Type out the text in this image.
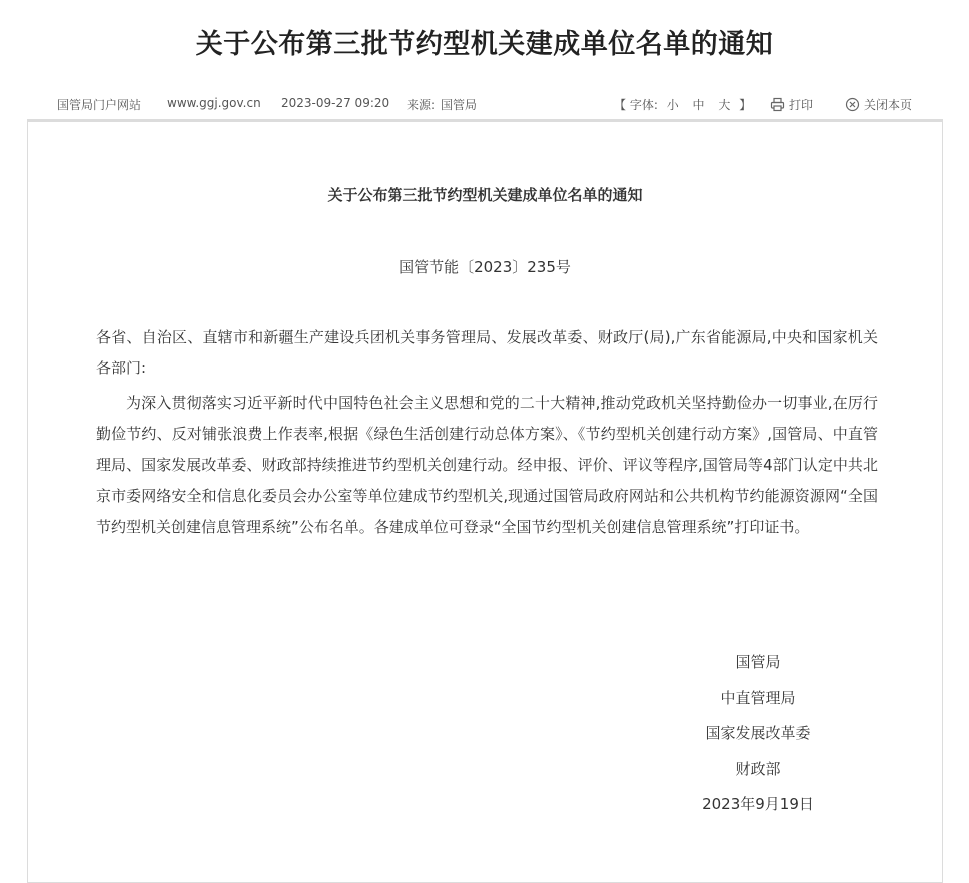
关于公布第三批节约型机关建成单位名单的通知
国管局门户网站 www.ggj.gov.cn 2023-09-27 09:20 来源: 国管局	【 字体: 小 中 大 】	打印	关闭本页
关于公布第三批节约型机关建成单位名单的通知
国管节能〔2023〕235号

各省、自治区、直辖市和新疆生产建设兵团机关事务管理局、发展改革委、财政厅(局),广东省能源局,中央和国家机关各部门:

为深入贯彻落实习近平新时代中国特色社会主义思想和党的二十大精神,推动党政机关坚持勤俭办一切事业,在厉行勤俭节约、反对铺张浪费上作表率,根据《绿色生活创建行动总体方案》、《节约型机关创建行动方案》,国管局、中直管理局、国家发展改革委、财政部持续推进节约型机关创建行动。经申报、评价、评议等程序,国管局等4部门认定中共北京市委网络安全和信息化委员会办公室等单位建成节约型机关,现通过国管局政府网站和公共机构节约能源资源网“全国节约型机关创建信息管理系统”公布名单。各建成单位可登录“全国节约型机关创建信息管理系统”打印证书。

国管局
中直管理局
国家发展改革委
财政部
2023年9月19日
